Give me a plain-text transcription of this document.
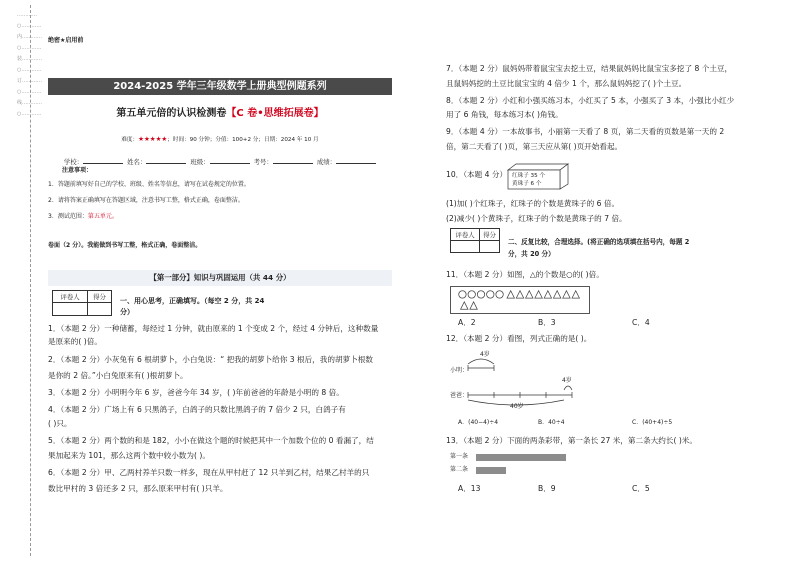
…………○…………内…………○…………装…………○…………订…………○…………线…………○…………
绝密★启用前
2024-2025 学年三年级数学上册典型例题系列
第五单元倍的认识检测卷【C 卷•思维拓展卷】
难度：★★★★★；时间：90 分钟；分值：100+2 分；日期：2024 年 10 月
学校：	姓名：	班级：	考号：	成绩：
注意事项：
1．答题前填写好自己的学校、班级、姓名等信息，请写在试卷规定的位置。
2．请将答案正确填写在答题区域，注意书写工整，格式正确，卷面整洁。
3．测试范围：第五单元。
卷面（2 分）。我能做到书写工整，格式正确，卷面整洁。
【第一部分】知识与巩固运用（共 44 分）
评卷人	得分
	一、用心思考，正确填写。（每空 2 分，共 24
分）
1．（本题 2 分）一种储蓄，每经过 1 分钟，就由原来的 1 个变成 2 个，经过 4 分钟后，这种数量
是原来的( )倍。
2．（本题 2 分）小灰兔有 6 根胡萝卜，小白兔说：“ 把我的胡萝卜给你 3 根后，我的胡萝卜根数
是你的 2 倍。”小白兔原来有( )根胡萝卜。
3．（本题 2 分）小明明今年 6 岁，爸爸今年 34 岁，( )年前爸爸的年龄是小明的 8 倍。
4．（本题 2 分）广场上有 6 只黑鸽子，白鸽子的只数比黑鸽子的 7 倍少 2 只，白鸽子有
( )只。
5．（本题 2 分）两个数的和是 182，小小在做这个题的时候把其中一个加数个位的 0 看漏了，结
果加起来为 101，那么这两个数中较小数为( )。
6．（本题 2 分）甲、乙两村养羊只数一样多，现在从甲村赶了 12 只羊到乙村，结果乙村羊的只
数比甲村的 3 倍还多 2 只，那么原来甲村有( )只羊。
7．（本题 2 分）鼠妈妈带着鼠宝宝去挖土豆，结果鼠妈妈比鼠宝宝多挖了 8 个土豆，
且鼠妈妈挖的土豆比鼠宝宝的 4 倍少 1 个，那么鼠妈妈挖了( )个土豆。
8．（本题 2 分）小红和小强买练习本，小红买了 5 本，小强买了 3 本，小强比小红少
用了 6 角钱，每本练习本( )角钱。
9．（本题 4 分）一本故事书，小丽第一天看了 8 页，第二天看的页数是第一天的 2
倍，第二天看了( )页，第三天应从第( )页开始看起。
10．（本题 4 分） 红珠子 35 个
黄珠子 6 个
(1)加( )个红珠子，红珠子的个数是黄珠子的 6 倍。
(2)减少( )个黄珠子，红珠子的个数是黄珠子的 7 倍。
评卷人	得分

二、反复比较，合理选择。(将正确的选项填在括号内，每题 2
分，共 20 分）
11．（本题 2 分）如图，△的个数是○的( )倍。
A．2	B．3	C．4
12．（本题 2 分）看图，列式正确的是( )。
4岁
小明：
爸爸：
4岁
40岁
A．(40−4)÷4	B．40÷4	C．(40+4)÷5
13．（本题 2 分）下面的两条彩带，第一条长 27 米，第二条大约长( )米。
第一条
第二条
A．13	B．9	C．5
